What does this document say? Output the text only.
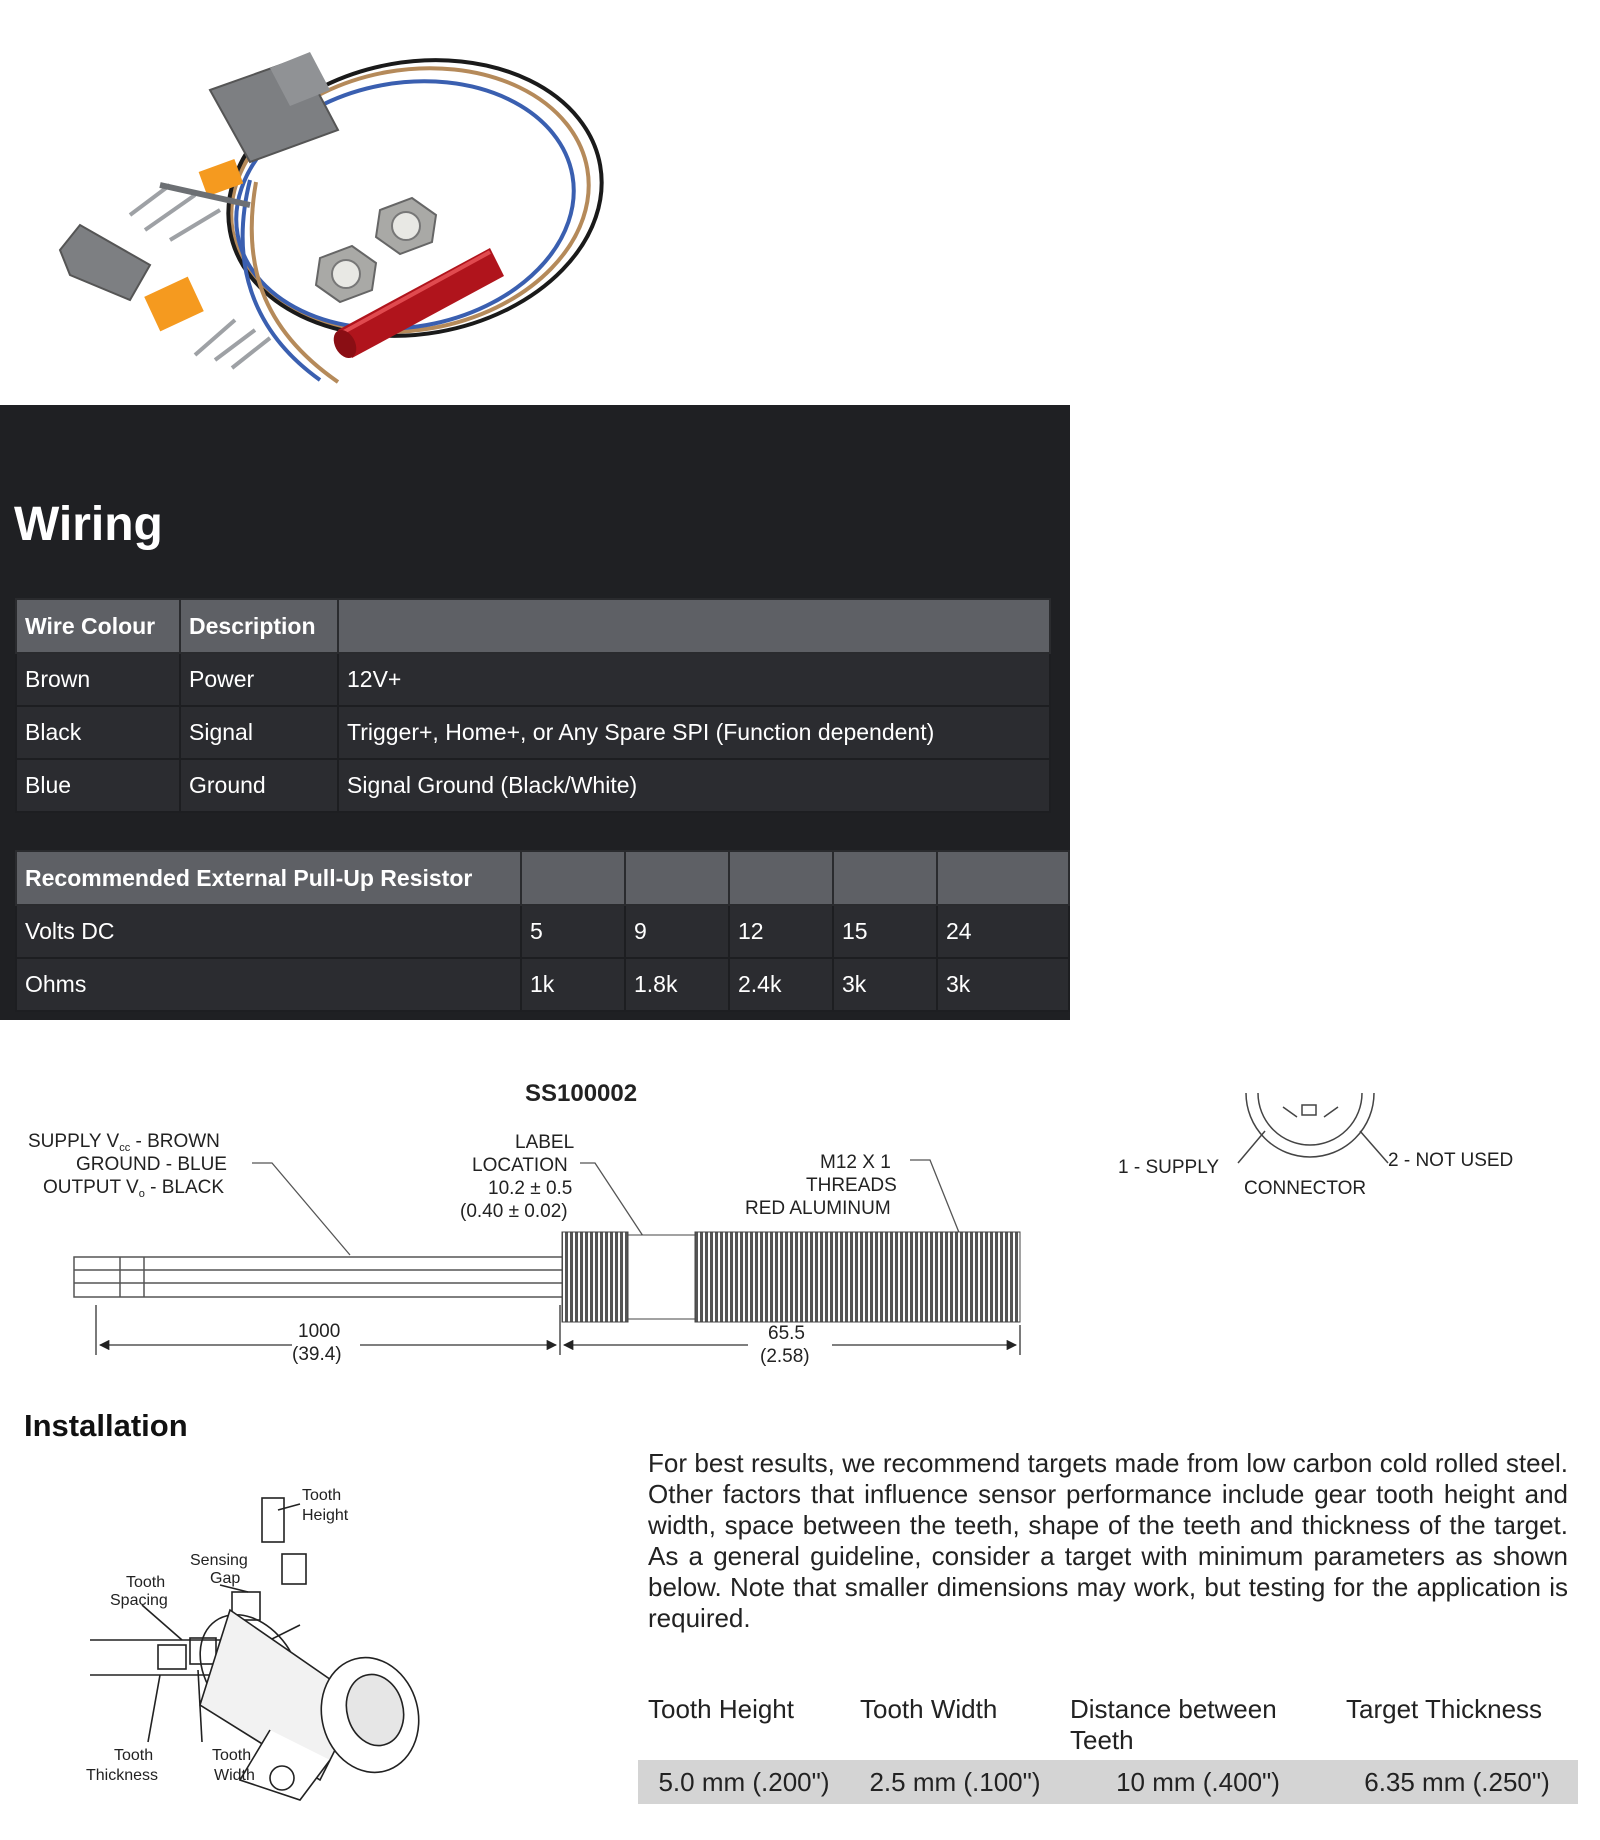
Wiring
Wire Colour	Description	
Brown	Power	12V+
Black	Signal	Trigger+, Home+, or Any Spare SPI (Function dependent)
Blue	Ground	Signal Ground (Black/White)
Recommended External Pull-Up Resistor					
Volts DC	5	9	12	15	24
Ohms	1k	1.8k	2.4k	3k	3k
SS100002
SUPPLY $V_{cc}$ - BROWN
GROUND - BLUE
OUTPUT $V_o$ - BLACK
LABEL
LOCATION
10.2 ± 0.5
(0.40 ± 0.02)
M12 X 1
THREADS
RED ALUMINUM
1000
(39.4)
65.5
(2.58)
1 - SUPPLY	2 - NOT USED
CONNECTOR
Installation
Tooth
Height
Sensing
Gap
Tooth
Spacing
Tooth
Thickness
Tooth
Width

For best results, we recommend targets made from low carbon cold rolled steel. Other factors that influence sensor performance include gear tooth height and width, space between the teeth, shape of the teeth and thickness of the target. As a general guideline, consider a target with minimum parameters as shown below. Note that smaller dimensions may work, but testing for the application is required.

Tooth Height	Tooth Width	Distance between Teeth	Target Thickness
5.0 mm (.200")	2.5 mm (.100")	10 mm (.400")	6.35 mm (.250")
